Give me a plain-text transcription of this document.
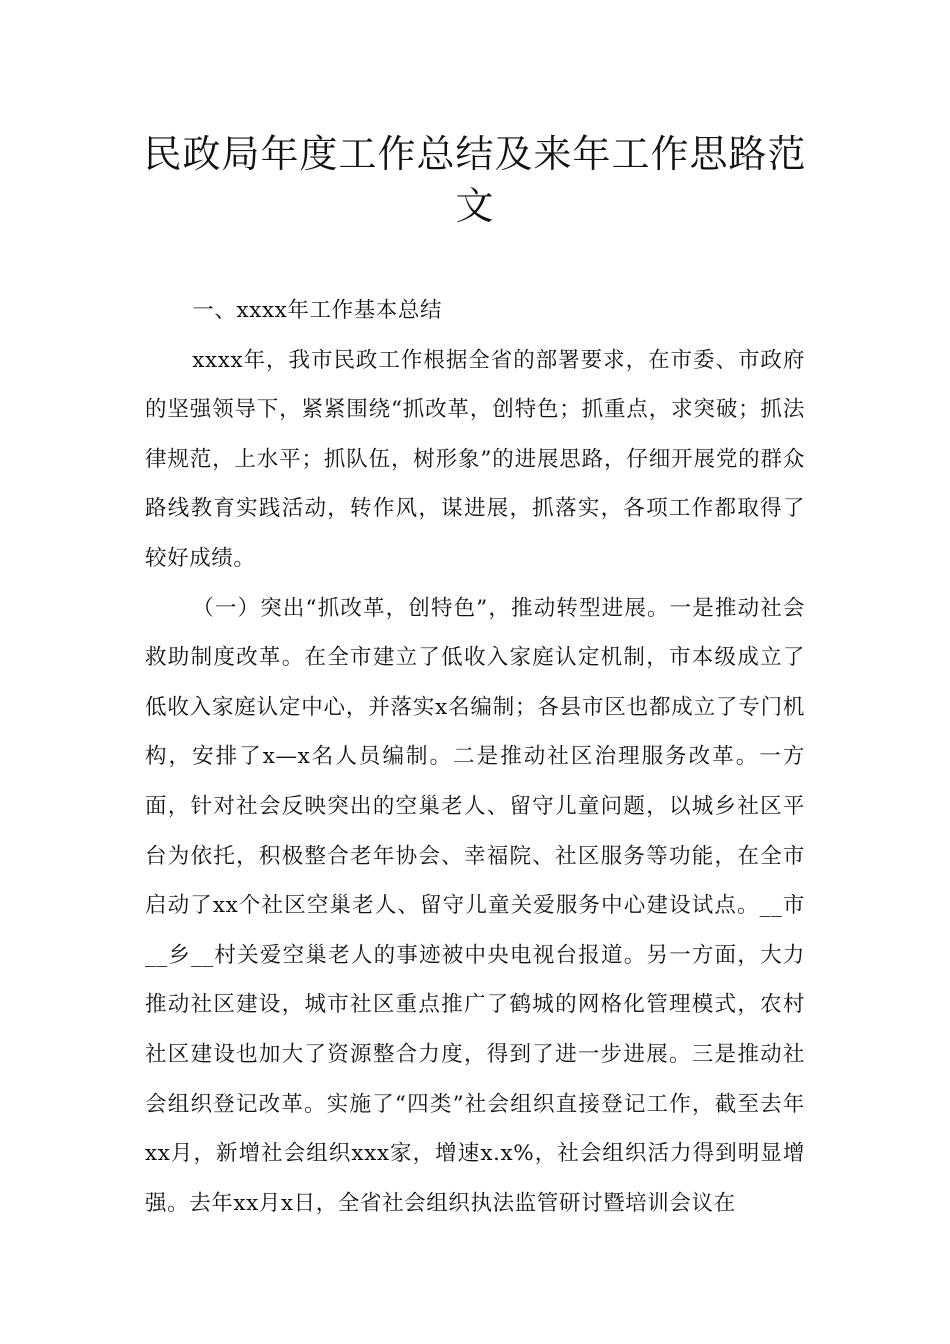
民政局年度工作总结及来年工作思路范文

一、xxxx年工作基本总结

xxxx年，我市民政工作根据全省的部署要求，在市委、市政府的坚强领导下，紧紧围绕“抓改革，创特色；抓重点，求突破；抓法律规范，上水平；抓队伍，树形象”的进展思路，仔细开展党的群众路线教育实践活动，转作风，谋进展，抓落实，各项工作都取得了较好成绩。

（一）突出“抓改革，创特色”，推动转型进展。一是推动社会救助制度改革。在全市建立了低收入家庭认定机制，市本级成立了低收入家庭认定中心，并落实x名编制；各县市区也都成立了专门机构，安排了x—x名人员编制。二是推动社区治理服务改革。一方面，针对社会反映突出的空巢老人、留守儿童问题，以城乡社区平台为依托，积极整合老年协会、幸福院、社区服务等功能，在全市启动了xx个社区空巢老人、留守儿童关爱服务中心建设试点。__市__乡__村关爱空巢老人的事迹被中央电视台报道。另一方面，大力推动社区建设，城市社区重点推广了鹤城的网格化管理模式，农村社区建设也加大了资源整合力度，得到了进一步进展。三是推动社会组织登记改革。实施了“四类”社会组织直接登记工作，截至去年xx月，新增社会组织xxx家，增速x.x%，社会组织活力得到明显增强。去年xx月x日，全省社会组织执法监管研讨暨培训会议在
